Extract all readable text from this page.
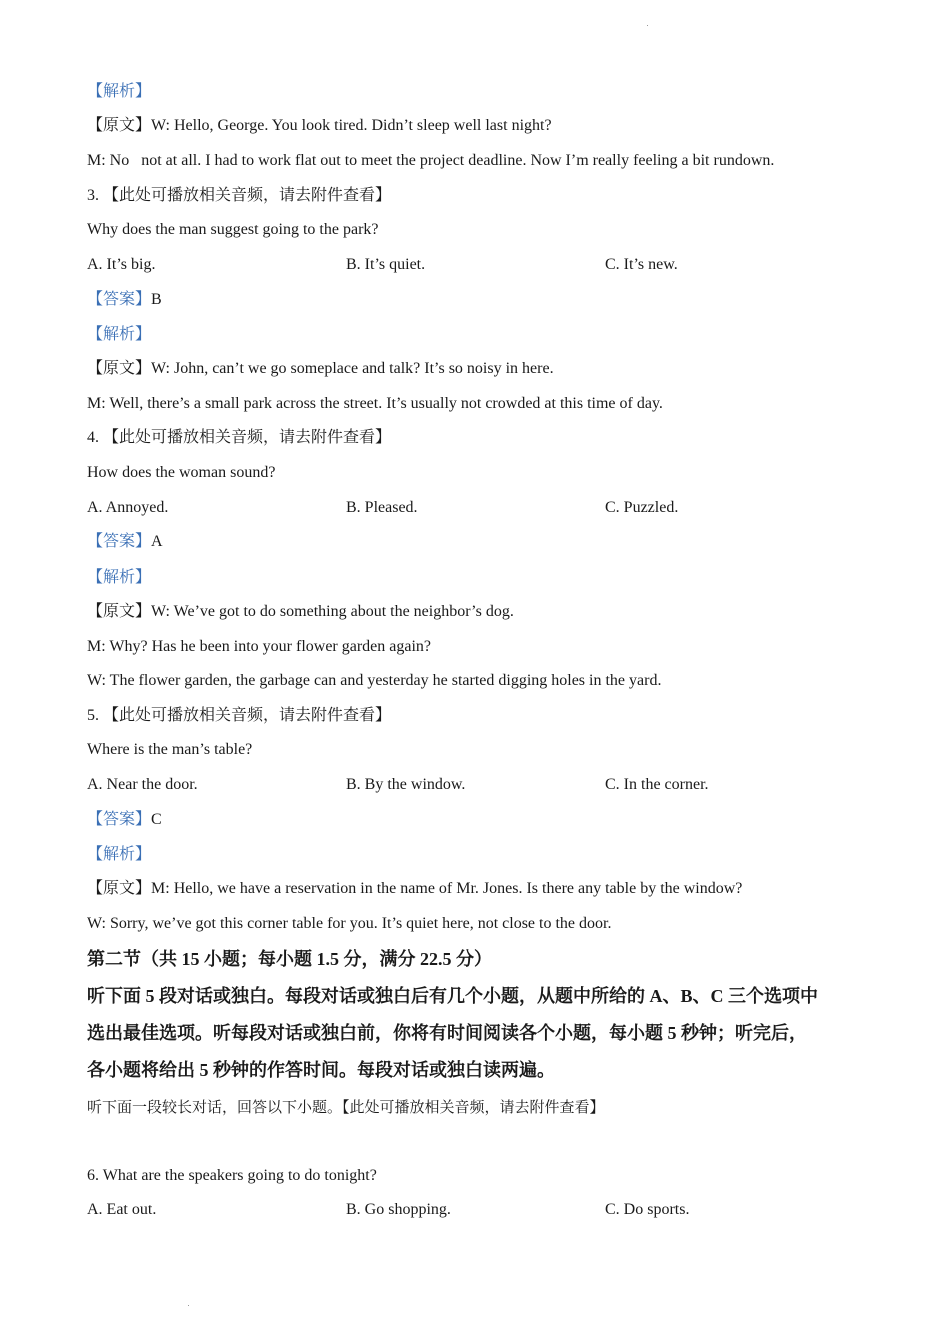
【解析】
【原文】W: Hello, George. You look tired. Didn’t sleep well last night?
M: No   not at all. I had to work flat out to meet the project deadline. Now I’m really feeling a bit rundown.
3. 【此处可播放相关音频，请去附件查看】
Why does the man suggest going to the park?
A. It’s big.	B. It’s quiet.	C. It’s new.
【答案】B
【解析】
【原文】W: John, can’t we go someplace and talk? It’s so noisy in here.
M: Well, there’s a small park across the street. It’s usually not crowded at this time of day.
4. 【此处可播放相关音频，请去附件查看】
How does the woman sound?
A. Annoyed.	B. Pleased.	C. Puzzled.
【答案】A
【解析】
【原文】W: We’ve got to do something about the neighbor’s dog.
M: Why? Has he been into your flower garden again?
W: The flower garden, the garbage can and yesterday he started digging holes in the yard.
5. 【此处可播放相关音频，请去附件查看】
Where is the man’s table?
A. Near the door.	B. By the window.	C. In the corner.
【答案】C
【解析】
【原文】M: Hello, we have a reservation in the name of Mr. Jones. Is there any table by the window?
W: Sorry, we’ve got this corner table for you. It’s quiet here, not close to the door.
第二节（共 15 小题；每小题 1.5 分，满分 22.5 分）
听下面 5 段对话或独白。每段对话或独白后有几个小题，从题中所给的 A、B、C 三个选项中
选出最佳选项。听每段对话或独白前，你将有时间阅读各个小题，每小题 5 秒钟；听完后，
各小题将给出 5 秒钟的作答时间。每段对话或独白读两遍。
听下面一段较长对话，回答以下小题。【此处可播放相关音频，请去附件查看】
6. What are the speakers going to do tonight?
A. Eat out.	B. Go shopping.	C. Do sports.
